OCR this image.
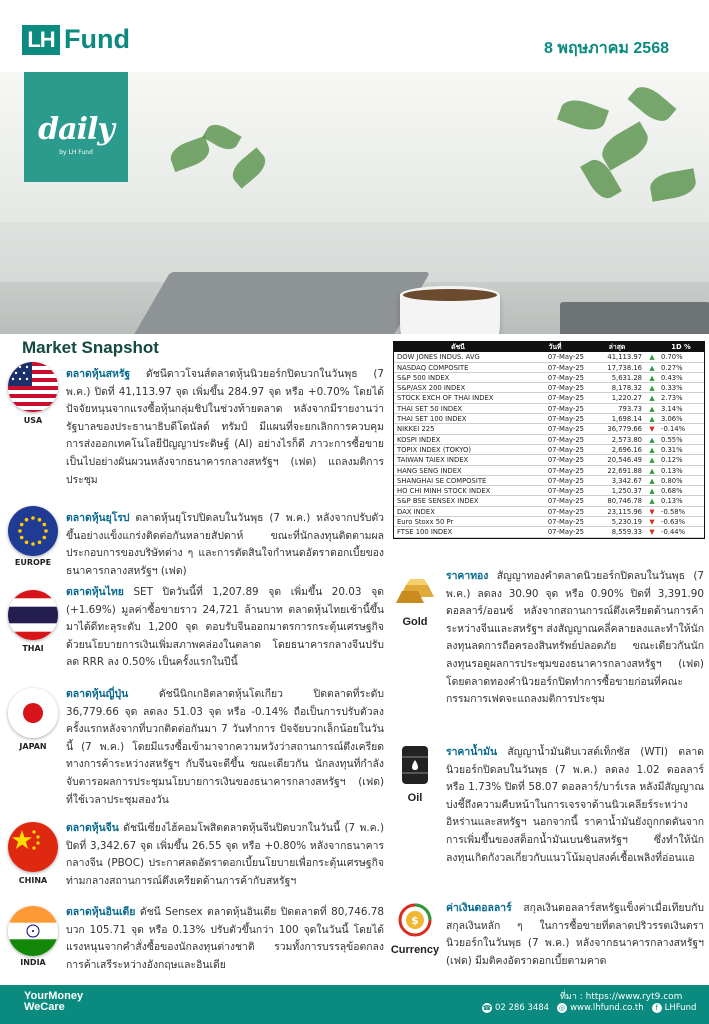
LH Fund	8 พฤษภาคม 2568
daily
by LH Fund
Market Snapshot
USA
ตลาดหุ้นสหรัฐ ดัชนีดาวโจนส์ตลาดหุ้นนิวยอร์กปิดบวกในวันพุธ (7 พ.ค.) ปิดที่ 41,113.97 จุด เพิ่มขึ้น 284.97 จุด หรือ +0.70% โดยได้ปัจจัยหนุนจากแรงซื้อหุ้นกลุ่มชิปในช่วงท้ายตลาด หลังจากมีรายงานว่ารัฐบาลของประธานาธิบดีโดนัลด์ ทรัมป์ มีแผนที่จะยกเลิกการควบคุมการส่งออกเทคโนโลยีปัญญาประดิษฐ์ (AI) อย่างไรก็ดี ภาวะการซื้อขายเป็นไปอย่างผันผวนหลังจากธนาคารกลางสหรัฐฯ (เฟด) แถลงมติการประชุม
EUROPE
ตลาดหุ้นยุโรป ตลาดหุ้นยุโรปปิดลบในวันพุธ (7 พ.ค.) หลังจากปรับตัวขึ้นอย่างแข็งแกร่งติดต่อกันหลายสัปดาห์ ขณะที่นักลงทุนติดตามผลประกอบการของบริษัทต่าง ๆ และการตัดสินใจกำหนดอัตราดอกเบี้ยของธนาคารกลางสหรัฐฯ (เฟด)
THAI
ตลาดหุ้นไทย SET ปิดวันนี้ที่ 1,207.89 จุด เพิ่มขึ้น 20.03 จุด (+1.69%) มูลค่าซื้อขายราว 24,721 ล้านบาท ตลาดหุ้นไทยเช้านี้ขึ้นมาได้ดีทะลุระดับ 1,200 จุด ตอบรับจีนออกมาตรการกระตุ้นเศรษฐกิจด้วยนโยบายการเงินเพิ่มสภาพคล่องในตลาด โดยธนาคารกลางจีนปรับลด RRR ลง 0.50% เป็นครั้งแรกในปีนี้
JAPAN
ตลาดหุ้นญี่ปุ่น	ดัชนีนิกเกอิตลาดหุ้นโตเกียว ปิดตลาดที่ระดับ 36,779.66 จุด ลดลง 51.03 จุด หรือ -0.14% ถือเป็นการปรับตัวลงครั้งแรกหลังจากที่บวกติดต่อกันมา 7 วันทำการ ปัจจัยบวกเล็กน้อยในวันนี้ (7 พ.ค.) โดยมีแรงซื้อเข้ามาจากความหวังว่าสถานการณ์ตึงเครียดทางการค้าระหว่างสหรัฐฯ กับจีนจะดีขึ้น ขณะเดียวกัน นักลงทุนที่กำลังจับตารอผลการประชุมนโยบายการเงินของธนาคารกลางสหรัฐฯ (เฟด) ที่ใช้เวลาประชุมสองวัน
CHINA
ตลาดหุ้นจีน ดัชนีเซี่ยงไฮ้คอมโพสิตตลาดหุ้นจีนปิดบวกในวันนี้ (7 พ.ค.) ปิดที่ 3,342.67 จุด เพิ่มขึ้น 26.55 จุด หรือ +0.80% หลังจากธนาคารกลางจีน (PBOC) ประกาศลดอัตราดอกเบี้ยนโยบายเพื่อกระตุ้นเศรษฐกิจท่ามกลางสถานการณ์ตึงเครียดด้านการค้ากับสหรัฐฯ
INDIA
ตลาดหุ้นอินเดีย ดัชนี Sensex ตลาดหุ้นอินเดีย ปิดตลาดที่ 80,746.78 บวก 105.71 จุด หรือ 0.13% ปรับตัวขึ้นกว่า 100 จุดในวันนี้ โดยได้แรงหนุนจากคำสั่งซื้อของนักลงทุนต่างชาติ รวมทั้งการบรรลุข้อตกลงการค้าเสรีระหว่างอังกฤษและอินเดีย
ดัชนี	วันที่	ล่าสุด	1D %
DOW JONES INDUS. AVG	07-May-25	41,113.97	▲ 0.70%
NASDAQ COMPOSITE	07-May-25	17,738.16	▲ 0.27%
S&P 500 INDEX	07-May-25	5,631.28	▲ 0.43%
S&P/ASX 200 INDEX	07-May-25	8,178.32	▲ 0.33%
STOCK EXCH OF THAI INDEX	07-May-25	1,220.27	▲ 2.73%
THAI SET 50 INDEX	07-May-25	793.73	▲ 3.14%
THAI SET 100 INDEX	07-May-25	1,698.14	▲ 3.06%
NIKKEI 225	07-May-25	36,779.66	▼ -0.14%
KOSPI INDEX	07-May-25	2,573.80	▲ 0.55%
TOPIX INDEX (TOKYO)	07-May-25	2,696.16	▲ 0.31%
TAIWAN TAIEX INDEX	07-May-25	20,546.49	▲ 0.12%
HANG SENG INDEX	07-May-25	22,691.88	▲ 0.13%
SHANGHAI SE COMPOSITE	07-May-25	3,342.67	▲ 0.80%
HO CHI MINH STOCK INDEX	07-May-25	1,250.37	▲ 0.68%
S&P BSE SENSEX INDEX	07-May-25	80,746.78	▲ 0.13%
DAX INDEX	07-May-25	23,115.96	▼ -0.58%
Euro Stoxx 50 Pr	07-May-25	5,230.19	▼ -0.63%
FTSE 100 INDEX	07-May-25	8,559.33	▼ -0.44%
Gold
ราคาทอง สัญญาทองคำตลาดนิวยอร์กปิดลบในวันพุธ (7 พ.ค.) ลดลง 30.90 จุด หรือ 0.90% ปิดที่ 3,391.90 ดอลลาร์/ออนซ์ หลังจากสถานการณ์ตึงเครียดด้านการค้าระหว่างจีนและสหรัฐฯ ส่งสัญญาณคลี่คลายลงและทำให้นักลงทุนลดการถือครองสินทรัพย์ปลอดภัย ขณะเดียวกันนักลงทุนรอดูผลการประชุมของธนาคารกลางสหรัฐฯ (เฟด) โดยตลาดทองคำนิวยอร์กปิดทำการซื้อขายก่อนที่คณะกรรมการเฟดจะแถลงมติการประชุม
Oil
ราคาน้ำมัน สัญญาน้ำมันดิบเวสต์เท็กซัส (WTI) ตลาดนิวยอร์กปิดลบในวันพุธ (7 พ.ค.) ลดลง 1.02 ดอลลาร์ หรือ 1.73% ปิดที่ 58.07 ดอลลาร์/บาร์เรล หลังมีสัญญาณบ่งชี้ถึงความคืบหน้าในการเจรจาด้านนิวเคลียร์ระหว่างอิหร่านและสหรัฐฯ นอกจากนี้ ราคาน้ำมันยังถูกกดดันจากการเพิ่มขึ้นของสต็อกน้ำมันเบนซินสหรัฐฯ ซึ่งทำให้นักลงทุนเกิดกังวลเกี่ยวกับแนวโน้มอุปสงค์เชื้อเพลิงที่อ่อนแอ
$
Currency
ค่าเงินดอลลาร์ สกุลเงินดอลลาร์สหรัฐแข็งค่าเมื่อเทียบกับสกุลเงินหลัก ๆ ในการซื้อขายที่ตลาดปริวรรตเงินตรานิวยอร์กในวันพุธ (7 พ.ค.) หลังจากธนาคารกลางสหรัฐฯ (เฟด) มีมติคงอัตราดอกเบี้ยตามคาด
YourMoney
WeCare
ที่มา : https://www.ryt9.com
☎ 02 286 3484 ◎ www.lhfund.co.th	f LHFund
